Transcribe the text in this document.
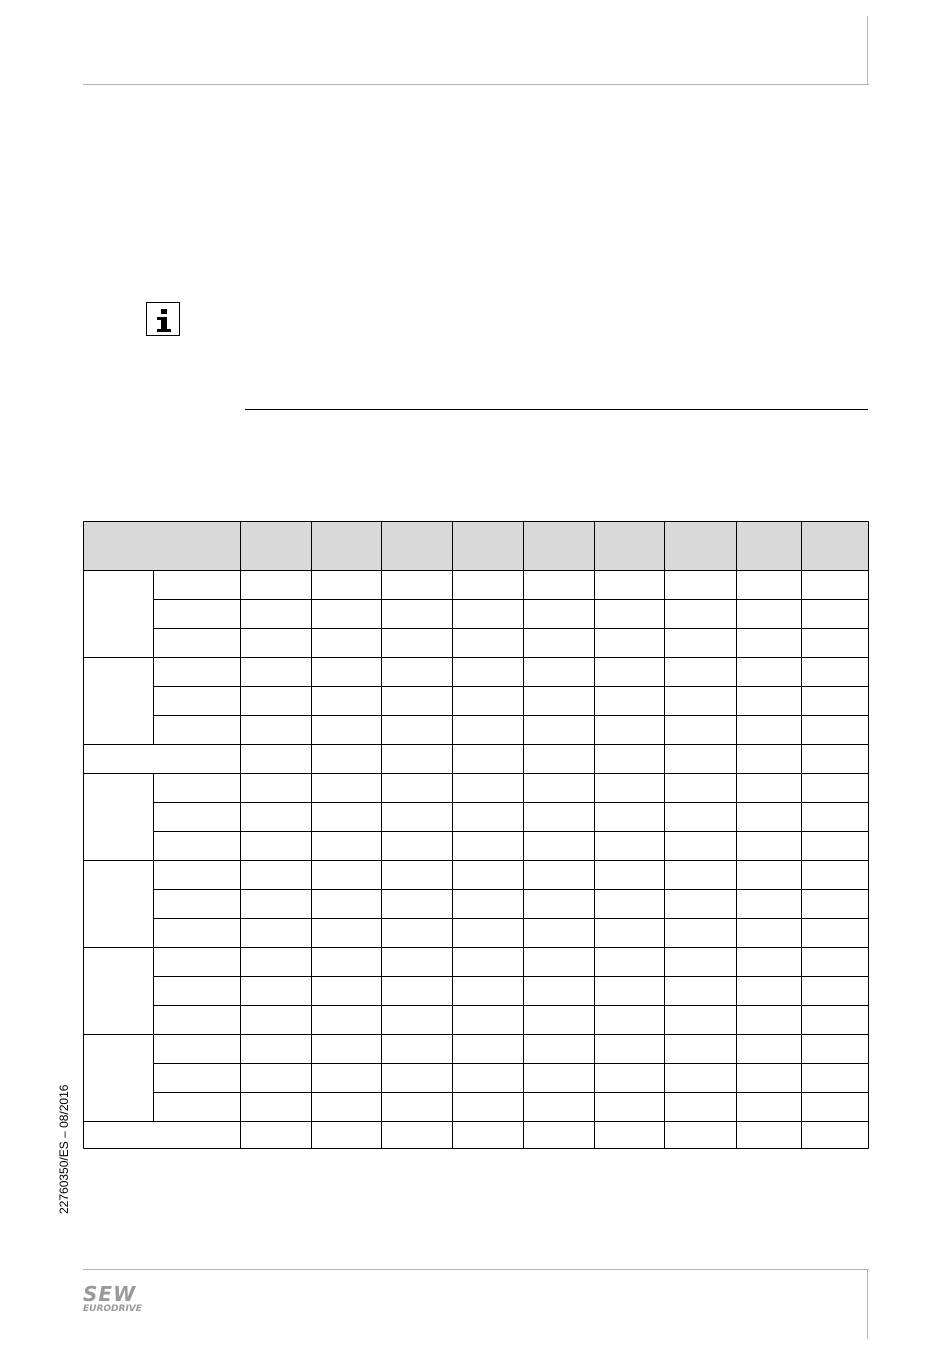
22760350/ES – 08/2016
SEW
EURODRIVE
